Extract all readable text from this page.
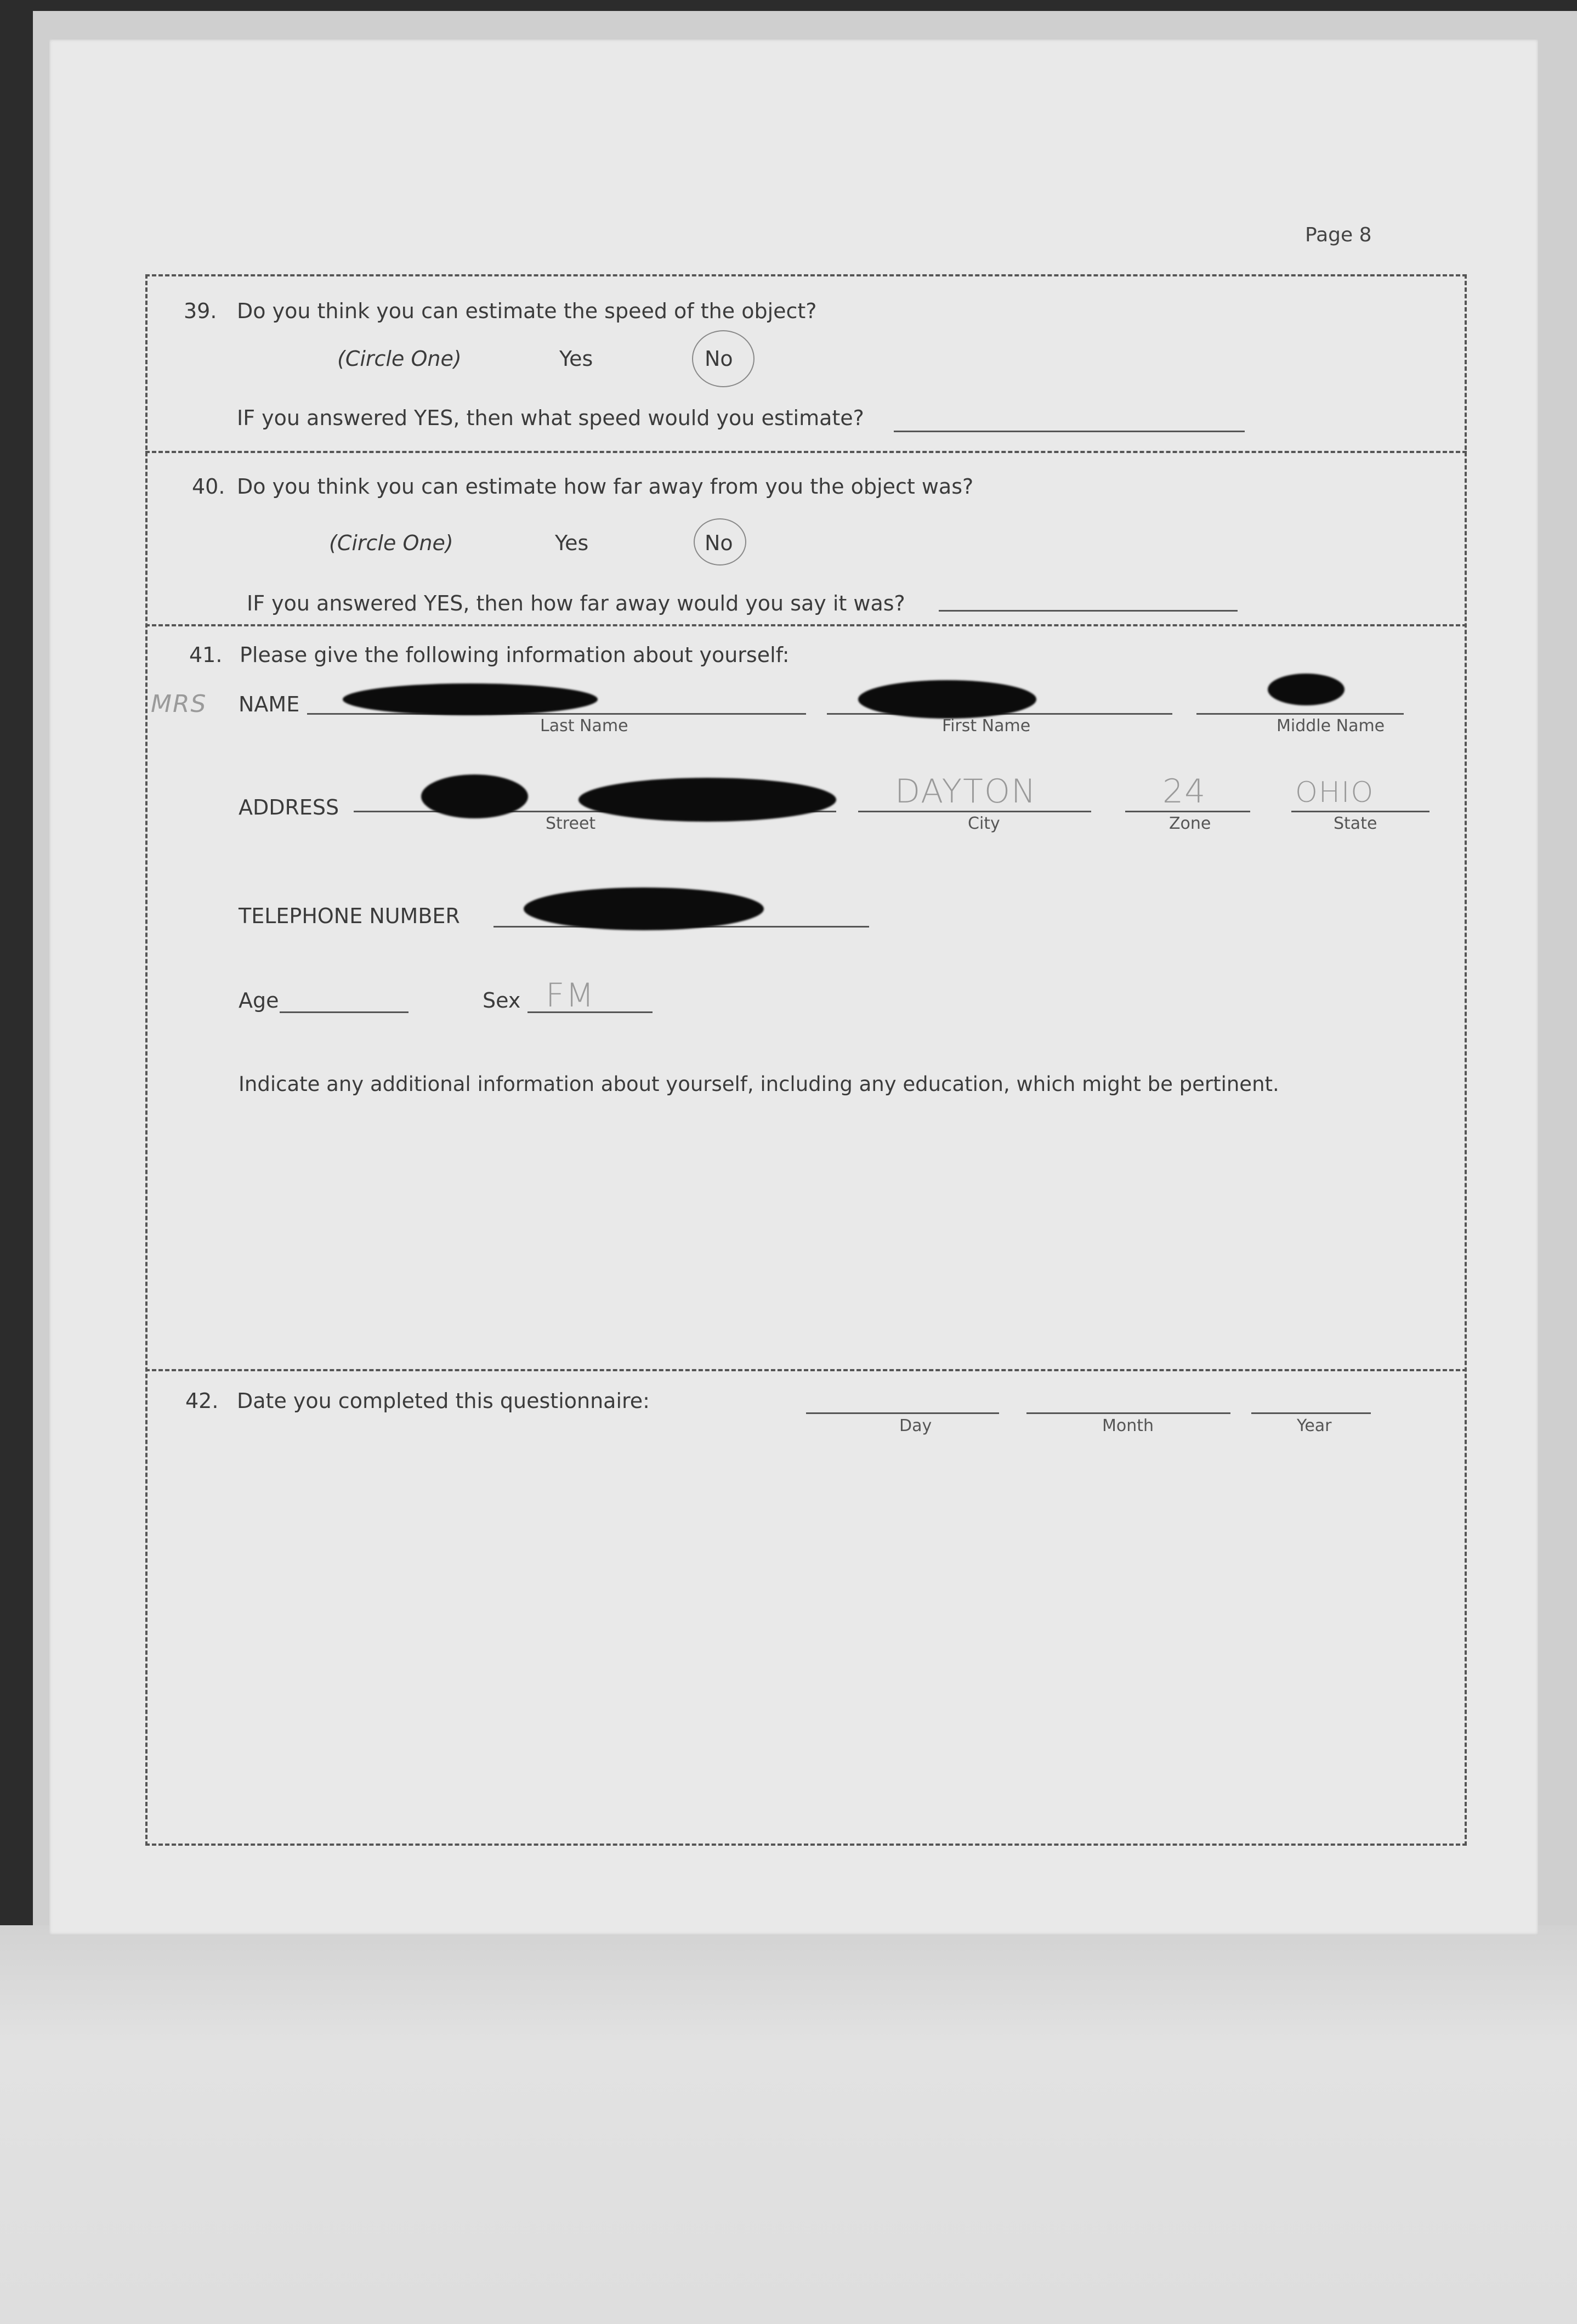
Page 8
39. Do you think you can estimate the speed of the object?
(Circle One)	Yes	No
IF you answered YES, then what speed would you estimate?
40. Do you think you can estimate how far away from you the object was?
(Circle One)	Yes	No
IF you answered YES, then how far away would you say it was?
41. Please give the following information about yourself:
MRS NAME
Last Name	First Name	Middle Name
ADDRESS
Street
DAYTON
City
24
Zone
OHIO
State
TELEPHONE NUMBER
Age	Sex FM
Indicate any additional information about yourself, including any education, which might be pertinent.
42. Date you completed this questionnaire:
Day	Month	Year
